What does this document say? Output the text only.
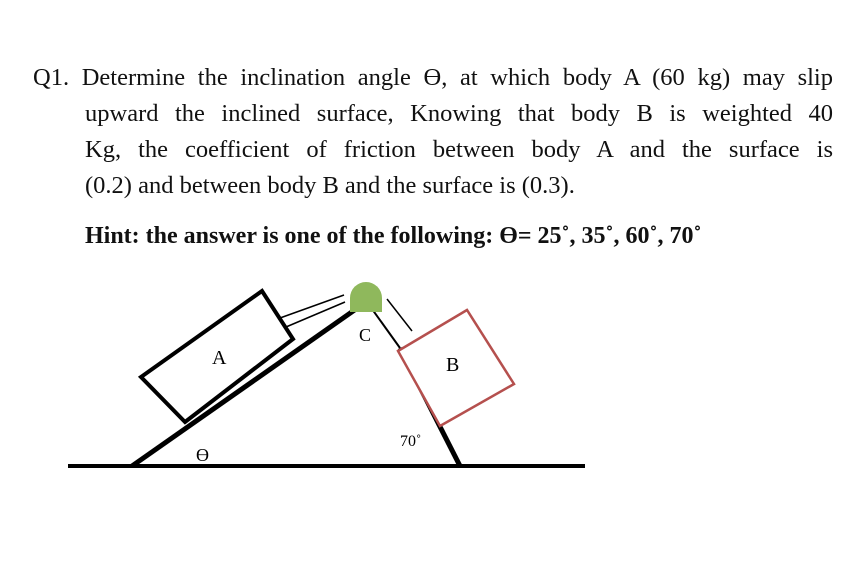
Q1. Determine the inclination angle Ө, at which body A (60 kg) may slip
upward the inclined surface, Knowing that body B is weighted 40
Kg, the coefficient of friction between body A and the surface is
(0.2) and between body B and the surface is (0.3).
Hint: the answer is one of the following: Ө= 25˚, 35˚, 60˚, 70˚
A	B
C
Ө
70˚
